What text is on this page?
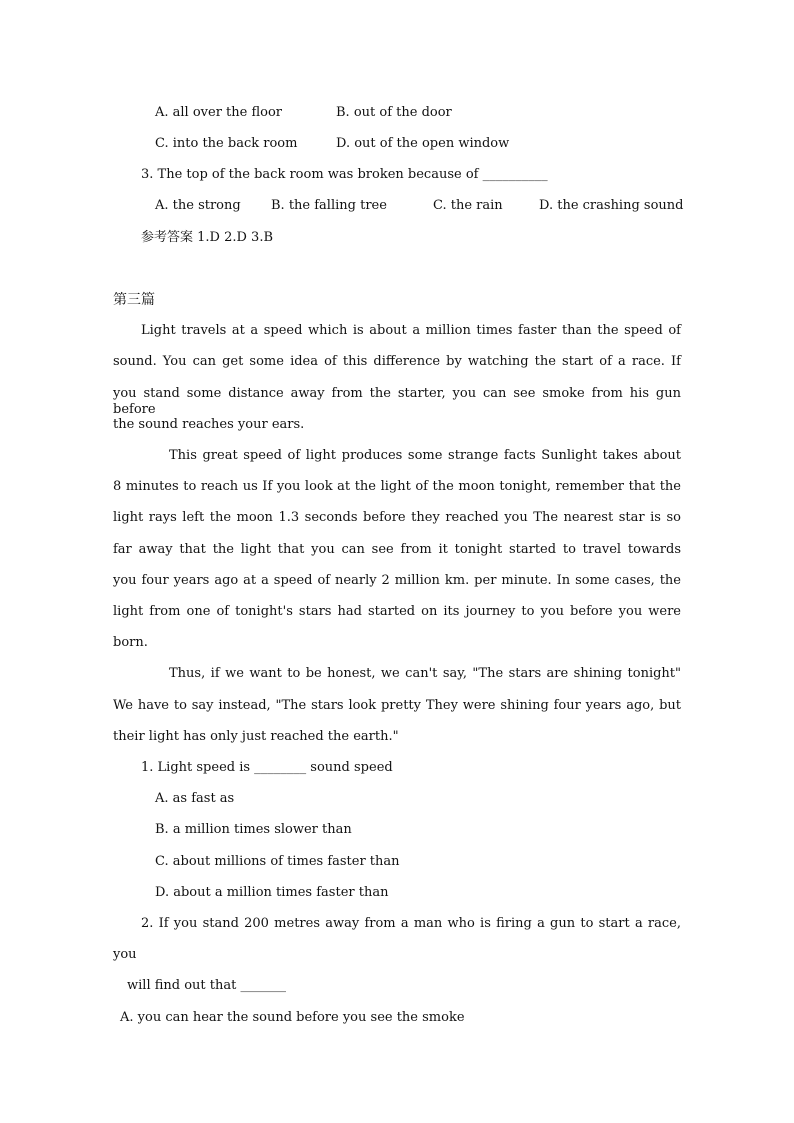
A. all over the floor	B. out of the door
C. into the back room	D. out of the open window
3. The top of the back room was broken because of __________
A. the strong B. the falling tree	C. the rain	D. the crashing sound
参考答案 1.D 2.D 3.B
第三篇
Light travels at a speed which is about a million times faster than the speed of
sound. You can get some idea of this difference by watching the start of a race. If
you stand some distance away from the starter, you can see smoke from his gun before
the sound reaches your ears.
This great speed of light produces some strange facts Sunlight takes about
8 minutes to reach us If you look at the light of the moon tonight, remember that the
light rays left the moon 1.3 seconds before they reached you The nearest star is so
far away that the light that you can see from it tonight started to travel towards
you four years ago at a speed of nearly 2 million km. per minute. In some cases, the
light from one of tonight's stars had started on its journey to you before you were
born.
Thus, if we want to be honest, we can't say, "The stars are shining tonight"
We have to say instead, "The stars look pretty They were shining four years ago, but
their light has only just reached the earth."
1. Light speed is ________ sound speed
A. as fast as
B. a million times slower than
C. about millions of times faster than
D. about a million times faster than
2. If you stand 200 metres away from a man who is firing a gun to start a race,
you
will find out that _______
A. you can hear the sound before you see the smoke
